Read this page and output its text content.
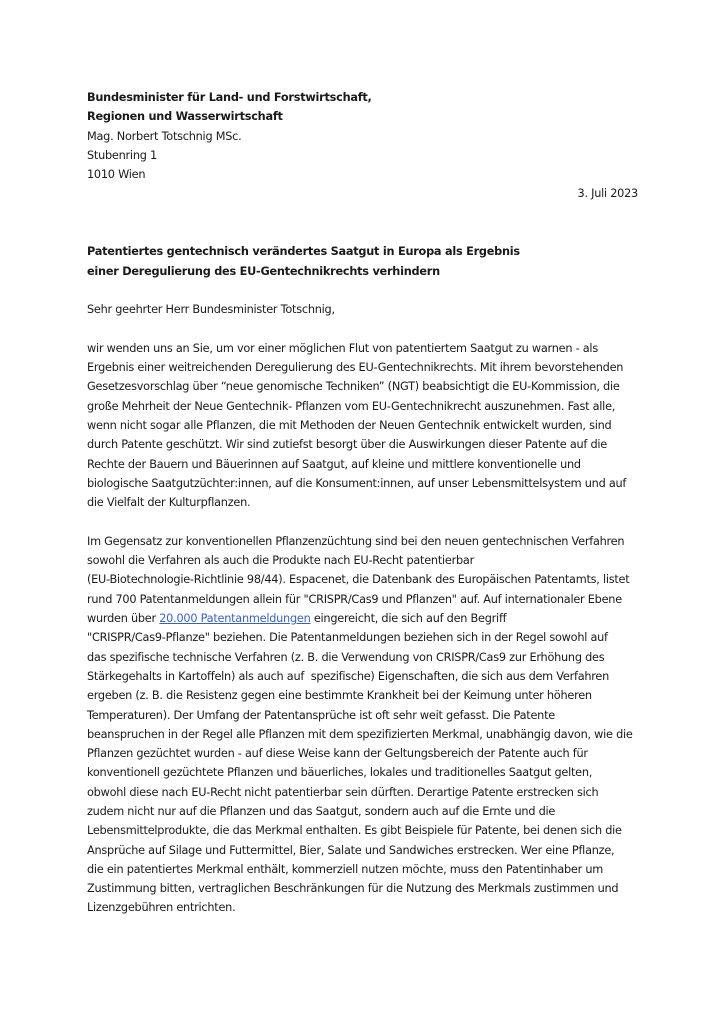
Bundesminister für Land- und Forstwirtschaft,
Regionen und Wasserwirtschaft
Mag. Norbert Totschnig MSc.
Stubenring 1
1010 Wien
3. Juli 2023
Patentiertes gentechnisch verändertes Saatgut in Europa als Ergebnis
einer Deregulierung des EU-Gentechnikrechts verhindern
Sehr geehrter Herr Bundesminister Totschnig,
wir wenden uns an Sie, um vor einer möglichen Flut von patentiertem Saatgut zu warnen - als
Ergebnis einer weitreichenden Deregulierung des EU-Gentechnikrechts. Mit ihrem bevorstehenden
Gesetzesvorschlag über “neue genomische Techniken” (NGT) beabsichtigt die EU-Kommission, die
große Mehrheit der Neue Gentechnik- Pflanzen vom EU-Gentechnikrecht auszunehmen. Fast alle,
wenn nicht sogar alle Pflanzen, die mit Methoden der Neuen Gentechnik entwickelt wurden, sind
durch Patente geschützt. Wir sind zutiefst besorgt über die Auswirkungen dieser Patente auf die
Rechte der Bauern und Bäuerinnen auf Saatgut, auf kleine und mittlere konventionelle und
biologische Saatgutzüchter:innen, auf die Konsument:innen, auf unser Lebensmittelsystem und auf
die Vielfalt der Kulturpflanzen.
Im Gegensatz zur konventionellen Pflanzenzüchtung sind bei den neuen gentechnischen Verfahren
sowohl die Verfahren als auch die Produkte nach EU-Recht patentierbar
(EU-Biotechnologie-Richtlinie 98/44). Espacenet, die Datenbank des Europäischen Patentamts, listet
rund 700 Patentanmeldungen allein für "CRISPR/Cas9 und Pflanzen" auf. Auf internationaler Ebene
wurden über 20.000 Patentanmeldungen eingereicht, die sich auf den Begriff
"CRISPR/Cas9-Pflanze" beziehen. Die Patentanmeldungen beziehen sich in der Regel sowohl auf
das spezifische technische Verfahren (z. B. die Verwendung von CRISPR/Cas9 zur Erhöhung des
Stärkegehalts in Kartoffeln) als auch auf  spezifische) Eigenschaften, die sich aus dem Verfahren
ergeben (z. B. die Resistenz gegen eine bestimmte Krankheit bei der Keimung unter höheren
Temperaturen). Der Umfang der Patentansprüche ist oft sehr weit gefasst. Die Patente
beanspruchen in der Regel alle Pflanzen mit dem spezifizierten Merkmal, unabhängig davon, wie die
Pflanzen gezüchtet wurden - auf diese Weise kann der Geltungsbereich der Patente auch für
konventionell gezüchtete Pflanzen und bäuerliches, lokales und traditionelles Saatgut gelten,
obwohl diese nach EU-Recht nicht patentierbar sein dürften. Derartige Patente erstrecken sich
zudem nicht nur auf die Pflanzen und das Saatgut, sondern auch auf die Ernte und die
Lebensmittelprodukte, die das Merkmal enthalten. Es gibt Beispiele für Patente, bei denen sich die
Ansprüche auf Silage und Futtermittel, Bier, Salate und Sandwiches erstrecken. Wer eine Pflanze,
die ein patentiertes Merkmal enthält, kommerziell nutzen möchte, muss den Patentinhaber um
Zustimmung bitten, vertraglichen Beschränkungen für die Nutzung des Merkmals zustimmen und
Lizenzgebühren entrichten.
